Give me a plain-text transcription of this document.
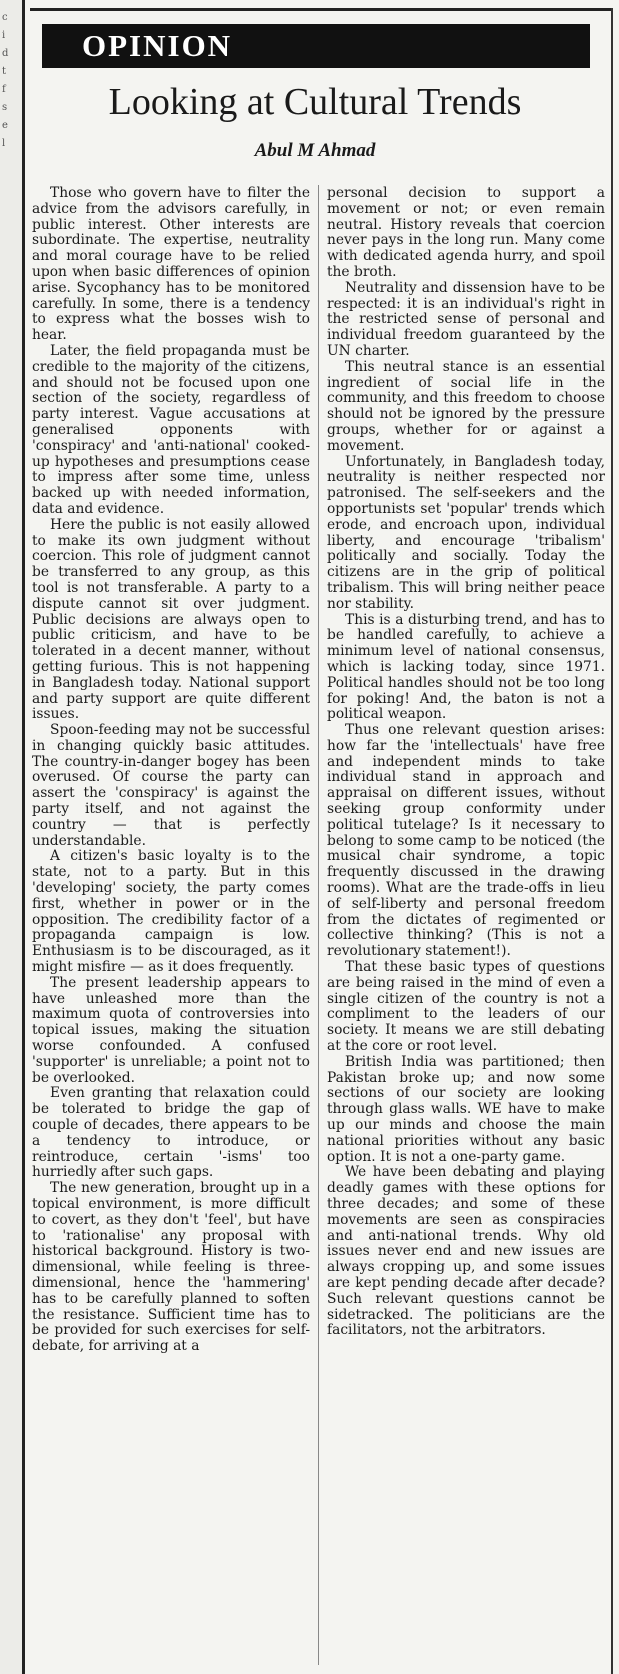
c
i
d
t
f
s
e
l
OPINION
Looking at Cultural Trends

Abul M Ahmad

Those who govern have to filter the advice from the advisors carefully, in public interest. Other interests are subordinate. The expertise, neutrality and moral courage have to be relied upon when basic differences of opinion arise. Sycophancy has to be monitored carefully. In some, there is a tendency to express what the bosses wish to hear.

Later, the field propaganda must be credible to the majority of the citizens, and should not be focused upon one section of the society, regardless of party interest. Vague accusations at generalised opponents with 'conspiracy' and 'anti-national' cooked-up hypotheses and presumptions cease to impress after some time, unless backed up with needed information, data and evidence.

Here the public is not easily allowed to make its own judgment without coercion. This role of judgment cannot be transferred to any group, as this tool is not transferable. A party to a dispute cannot sit over judgment. Public decisions are always open to public criticism, and have to be tolerated in a decent manner, without getting furious. This is not happening in Bangladesh today. National support and party support are quite different issues.

Spoon-feeding may not be successful in changing quickly basic attitudes. The country-in-danger bogey has been overused. Of course the party can assert the 'conspiracy' is against the party itself, and not against the country — that is perfectly understandable.

A citizen's basic loyalty is to the state, not to a party. But in this 'developing' society, the party comes first, whether in power or in the opposition. The credibility factor of a propaganda campaign is low. Enthusiasm is to be discouraged, as it might misfire — as it does frequently.

The present leadership appears to have unleashed more than the maximum quota of controversies into topical issues, making the situation worse confounded. A confused 'supporter' is unreliable; a point not to be overlooked.

Even granting that relaxation could be tolerated to bridge the gap of couple of decades, there appears to be a tendency to introduce, or reintroduce, certain '-isms' too hurriedly after such gaps.

The new generation, brought up in a topical environment, is more difficult to covert, as they don't 'feel', but have to 'rationalise' any proposal with historical background. History is two-dimensional, while feeling is three-dimensional, hence the 'hammering' has to be carefully planned to soften the resistance. Sufficient time has to be provided for such exercises for self-debate, for arriving at a

personal decision to support a movement or not; or even remain neutral. History reveals that coercion never pays in the long run. Many come with dedicated agenda hurry, and spoil the broth.

Neutrality and dissension have to be respected: it is an individual's right in the restricted sense of personal and individual freedom guaranteed by the UN charter.

This neutral stance is an essential ingredient of social life in the community, and this freedom to choose should not be ignored by the pressure groups, whether for or against a movement.

Unfortunately, in Bangladesh today, neutrality is neither respected nor patronised. The self-seekers and the opportunists set 'popular' trends which erode, and encroach upon, individual liberty, and encourage 'tribalism' politically and socially. Today the citizens are in the grip of political tribalism. This will bring neither peace nor stability.

This is a disturbing trend, and has to be handled carefully, to achieve a minimum level of national consensus, which is lacking today, since 1971. Political handles should not be too long for poking! And, the baton is not a political weapon.

Thus one relevant question arises: how far the 'intellectuals' have free and independent minds to take individual stand in approach and appraisal on different issues, without seeking group conformity under political tutelage? Is it necessary to belong to some camp to be noticed (the musical chair syndrome, a topic frequently discussed in the drawing rooms). What are the trade-offs in lieu of self-liberty and personal freedom from the dictates of regimented or collective thinking? (This is not a revolutionary statement!).

That these basic types of questions are being raised in the mind of even a single citizen of the country is not a compliment to the leaders of our society. It means we are still debating at the core or root level.

British India was partitioned; then Pakistan broke up; and now some sections of our society are looking through glass walls. WE have to make up our minds and choose the main national priorities without any basic option. It is not a one-party game.

We have been debating and playing deadly games with these options for three decades; and some of these movements are seen as conspiracies and anti-national trends. Why old issues never end and new issues are always cropping up, and some issues are kept pending decade after decade? Such relevant questions cannot be sidetracked. The politicians are the facilitators, not the arbitrators.
